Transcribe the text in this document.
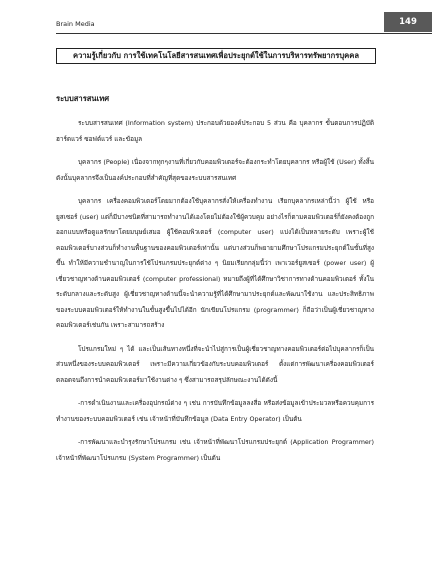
Brain Media	149
ความรู้เกี่ยวกับ การใช้เทคโนโลยีสารสนเทศเพื่อประยุกต์ใช้ในการบริหารทรัพยากรบุคคล
ระบบสารสนเทศ

ระบบสารสนเทศ (Information system) ประกอบด้วยองค์ประกอบ 5 ส่วน คือ บุคลากร ขั้นตอนการปฏิบัติ ฮาร์ดแวร์ ซอฟต์แวร์ และข้อมูล

บุคลากร (People) เนื่องจากทุกๆงานที่เกี่ยวกับคอมพิวเตอร์จะต้องกระทำโดยบุคลากร หรือผู้ใช้ (User) ทั้งสิ้น ดังนั้นบุคลากรจึงเป็นองค์ประกอบที่สำคัญที่สุดของระบบสารสนเทศ

บุคลากร เครื่องคอมพิวเตอร์โดยมากต้องใช้บุคลากรสั่งให้เครื่องทำงาน เรียกบุคลากรเหล่านี้ว่า ผู้ใช้ หรือ ยูสเซอร์ (user) แต่ก็มีบางชนิดที่สามารถทำงานได้เองโดยไม่ต้องใช้ผู้ควบคุม อย่างไรก็ตามคอมพิวเตอร์ก็ยังคงต้องถูกออกแบบหรือดูแลรักษาโดยมนุษย์เสมอ ผู้ใช้คอมพิวเตอร์ (computer user) แบ่งได้เป็นหลายระดับ เพราะผู้ใช้คอมพิวเตอร์บางส่วนก็ทำงานพื้นฐานของคอมพิวเตอร์เท่านั้น แต่บางส่วนก็พยายามศึกษาโปรแกรมประยุกต์ในขั้นที่สูงขึ้น ทำให้มีความชำนาญในการใช้โปรแกรมประยุกต์ต่าง ๆ นิยมเรียกกลุ่มนี้ว่า เพาเวอร์ยูสเซอร์ (power user) ผู้เชี่ยวชาญทางด้านคอมพิวเตอร์ (computer professional) หมายถึงผู้ที่ได้ศึกษาวิชาการทางด้านคอมพิวเตอร์ ทั้งในระดับกลางและระดับสูง ผู้เชี่ยวชาญทางด้านนี้จะนำความรู้ที่ได้ศึกษามาประยุกต์และพัฒนาใช้งาน และประสิทธิภาพของระบบคอมพิวเตอร์ให้ทำงานในขั้นสูงขึ้นไปได้อีก นักเขียนโปรแกรม (programmer) ก็ถือว่าเป็นผู้เชี่ยวชาญทางคอมพิวเตอร์เช่นกัน เพราะสามารถสร้าง

โปรแกรมใหม่ ๆ ได้ และเป็นเส้นทางหนึ่งที่จะนำไปสู่การเป็นผู้เชี่ยวชาญทางคอมพิวเตอร์ต่อไปบุคลากรก็เป็นส่วนหนึ่งของระบบคอมพิวเตอร์ เพราะมีความเกี่ยวข้องกับระบบคอมพิวเตอร์ ตั้งแต่การพัฒนาเครื่องคอมพิวเตอร์ ตลอดจนถึงการนำคอมพิวเตอร์มาใช้งานต่าง ๆ ซึ่งสามารถสรุปลักษณะงานได้ดังนี้

-การดำเนินงานและเครื่องอุปกรณ์ต่าง ๆ เช่น การบันทึกข้อมูลลงสื่อ หรือส่งข้อมูลเข้าประมวลหรือควบคุมการทำงานของระบบคอมพิวเตอร์ เช่น เจ้าหน้าที่บันทึกข้อมูล (Data Entry Operator) เป็นต้น

-การพัฒนาและบำรุงรักษาโปรแกรม เช่น เจ้าหน้าที่พัฒนาโปรแกรมประยุกต์ (Application Programmer) เจ้าหน้าที่พัฒนาโปรแกรม (System Programmer) เป็นต้น
